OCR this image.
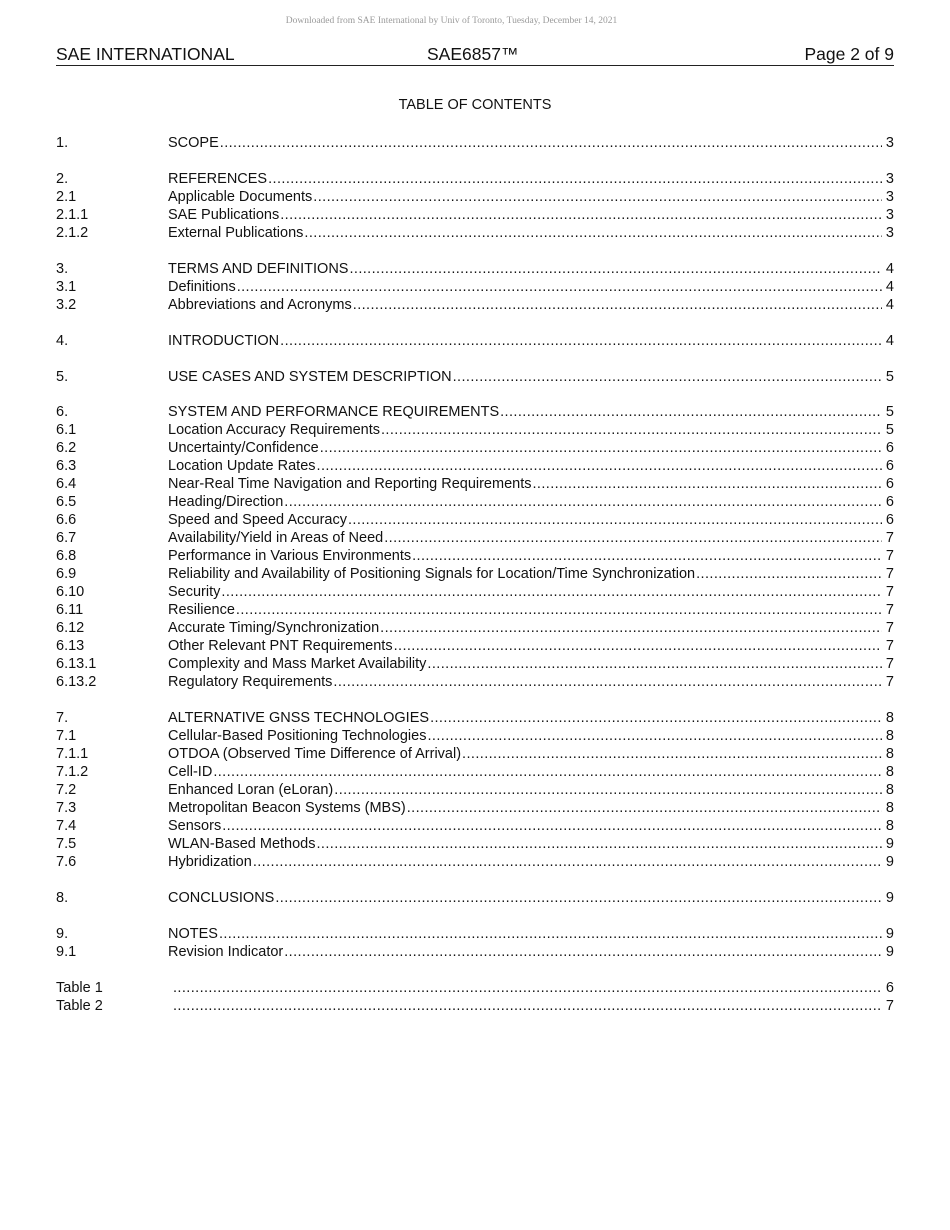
Downloaded from SAE International by Univ of Toronto, Tuesday, December 14, 2021
SAE INTERNATIONAL	SAE6857™	Page 2 of 9
TABLE OF CONTENTS
1.	SCOPE .....	3
2.	REFERENCES .....	3
2.1	Applicable Documents .....	3
2.1.1	SAE Publications .....	3
2.1.2	External Publications .....	3
3.	TERMS AND DEFINITIONS .....	4
3.1	Definitions .....	4
3.2	Abbreviations and Acronyms .....	4
4.	INTRODUCTION .....	4
5.	USE CASES AND SYSTEM DESCRIPTION .....	5
6.	SYSTEM AND PERFORMANCE REQUIREMENTS .....	5
6.1	Location Accuracy Requirements .....	5
6.2	Uncertainty/Confidence .....	6
6.3	Location Update Rates .....	6
6.4	Near-Real Time Navigation and Reporting Requirements .....	6
6.5	Heading/Direction .....	6
6.6	Speed and Speed Accuracy .....	6
6.7	Availability/Yield in Areas of Need .....	7
6.8	Performance in Various Environments .....	7
6.9	Reliability and Availability of Positioning Signals for Location/Time Synchronization .....	7
6.10	Security .....	7
6.11	Resilience .....	7
6.12	Accurate Timing/Synchronization .....	7
6.13	Other Relevant PNT Requirements .....	7
6.13.1	Complexity and Mass Market Availability .....	7
6.13.2	Regulatory Requirements .....	7
7.	ALTERNATIVE GNSS TECHNOLOGIES .....	8
7.1	Cellular-Based Positioning Technologies .....	8
7.1.1	OTDOA (Observed Time Difference of Arrival) .....	8
7.1.2	Cell-ID .....	8
7.2	Enhanced Loran (eLoran) .....	8
7.3	Metropolitan Beacon Systems (MBS) .....	8
7.4	Sensors .....	8
7.5	WLAN-Based Methods .....	9
7.6	Hybridization .....	9
8.	CONCLUSIONS .....	9
9.	NOTES .....	9
9.1	Revision Indicator .....	9
Table 1 .....	6
Table 2 .....	7
